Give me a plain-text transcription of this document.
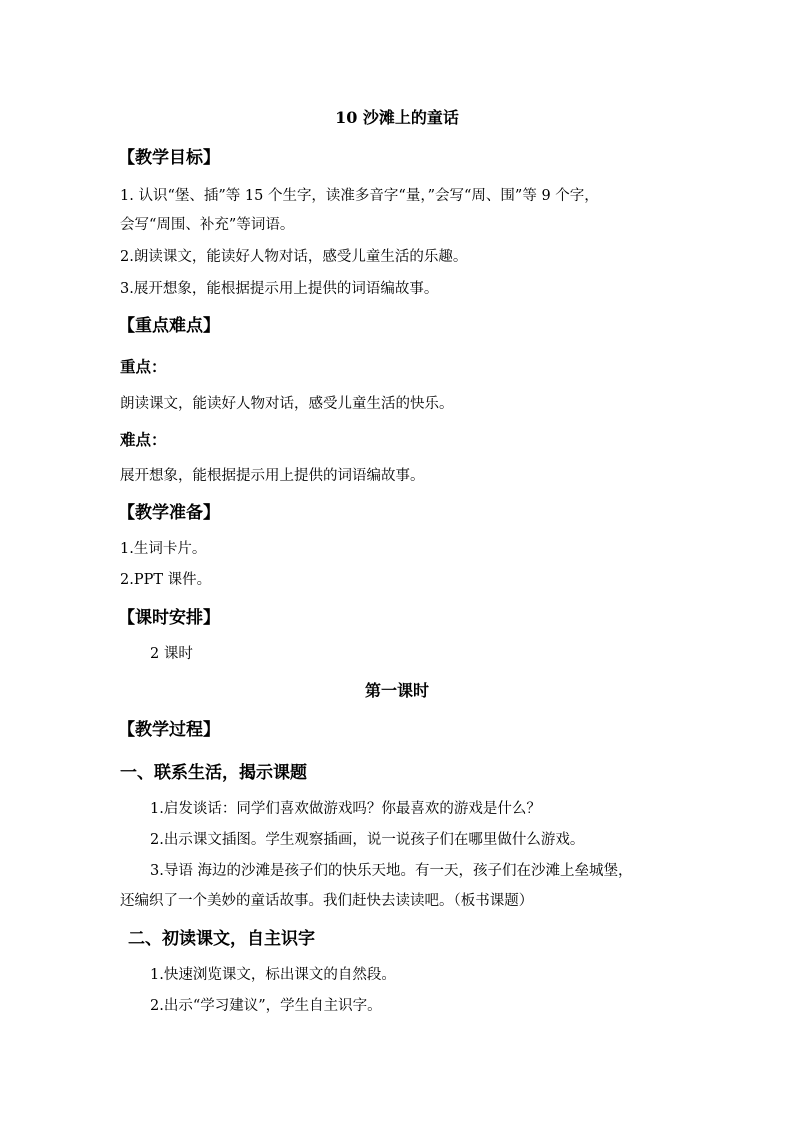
10 沙滩上的童话
【教学目标】
1. 认识“堡、插”等 15 个生字，读准多音字“量，”会写“周、围”等 9 个字，
会写“周围、补充”等词语。
2.朗读课文，能读好人物对话，感受儿童生活的乐趣。
3.展开想象，能根据提示用上提供的词语编故事。
【重点难点】
重点：
朗读课文，能读好人物对话，感受儿童生活的快乐。
难点：
展开想象，能根据提示用上提供的词语编故事。
【教学准备】
1.生词卡片。
2.PPT 课件。
【课时安排】
2 课时
第一课时
【教学过程】
一、联系生活，揭示课题
1.启发谈话：同学们喜欢做游戏吗？你最喜欢的游戏是什么？
2.出示课文插图。学生观察插画，说一说孩子们在哪里做什么游戏。
3.导语 海边的沙滩是孩子们的快乐天地。有一天，孩子们在沙滩上垒城堡，
还编织了一个美妙的童话故事。我们赶快去读读吧。（板书课题）
二、初读课文，自主识字
1.快速浏览课文，标出课文的自然段。
2.出示“学习建议”，学生自主识字。
